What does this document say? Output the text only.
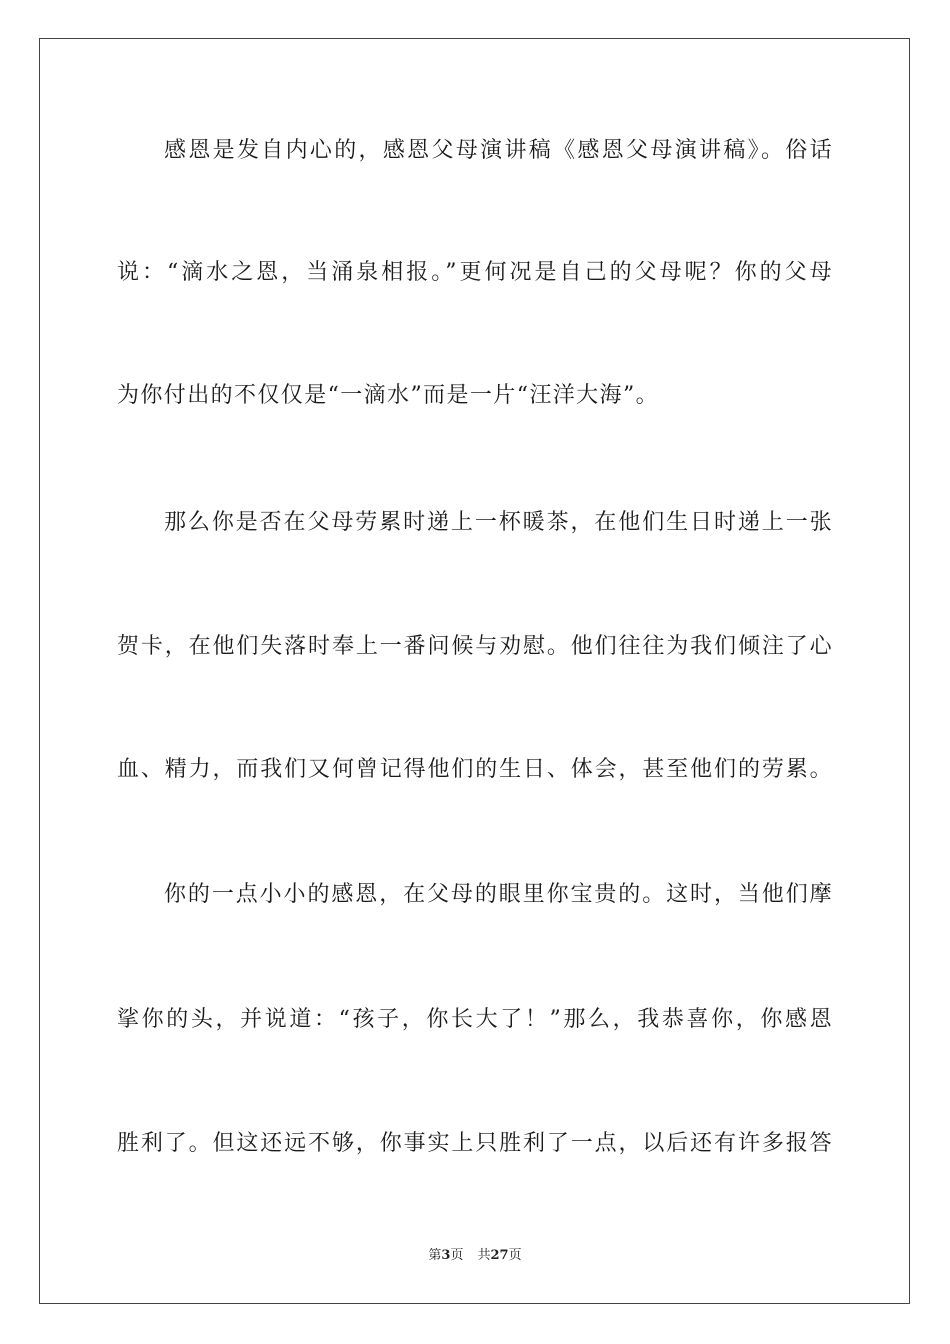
感恩是发自内心的，感恩父母演讲稿《感恩父母演讲稿》。俗话
说：“滴水之恩，当涌泉相报。”更何况是自己的父母呢？你的父母
为你付出的不仅仅是“一滴水”而是一片“汪洋大海”。
那么你是否在父母劳累时递上一杯暖茶，在他们生日时递上一张
贺卡，在他们失落时奉上一番问候与劝慰。他们往往为我们倾注了心
血、精力，而我们又何曾记得他们的生日、体会，甚至他们的劳累。
你的一点小小的感恩，在父母的眼里你宝贵的。这时，当他们摩
挲你的头，并说道：“孩子，你长大了！”那么，我恭喜你，你感恩
胜利了。但这还远不够，你事实上只胜利了一点，以后还有许多报答
第3页 共27页
